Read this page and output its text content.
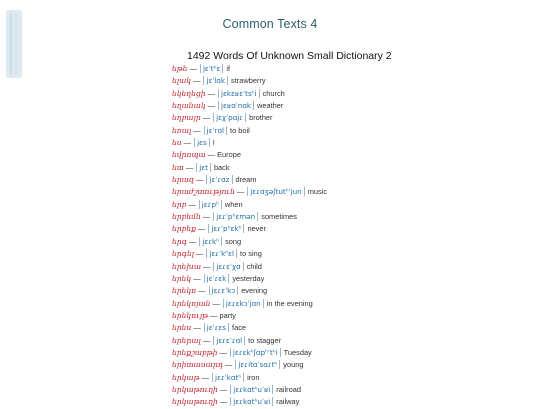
Common Texts 4
1492 Words Of Unknown Small Dictionary 2
եթե — jɛˈtʰɛ if
ելակ — jɛˈlɑk strawberry
եկեղեցի — jɛkɛʁɛˈtsʰi church
եղանակ — jɛʁɑˈnɑk weather
եղբայր — jɛχˈpɑjɾ brother
եռալ — jɛˈrɑl to boil
ես — jɛs I
եվրոպա — Europe
ետ — jɛt back
երազ — jɛˈɾɑz dream
երաժշտություն — jɛɾɑʒəʃtutʰˈjun music
երբ — jɛɾpʰ when
երբեմն — jɛɾˈpʰɛmən sometimes
երբեք — jɛɾˈpʰɛkʰ never
երգ — jɛɾkʰ song
երգել — jɛɾˈkʰɛl to sing
երեխա — jɛɾɛˈχɑ child
երեկ — jɛˈɾɛk yesterday
երեկո — jɛɾɛˈkɔ evening
երեկոյան — jɛɾɛkɔˈjɑn in the evening
երեկույթ — party
երես — jɛˈɾɛs face
երերալ — jɛɾɛˈɾɑl to stagger
երեքշաբթի — jɛɾɛkʰʃɑpʰˈtʰi Tuesday
երիտասարդ — jɛɾitɑˈsɑɾtʰ young
երկաթ — jɛɾˈkɑtʰ iron
երկաթուղի — jɛɾkɑtʰuˈʁi railroad
երկաթուղի — jɛɾkɑtʰuˈʁi railway
